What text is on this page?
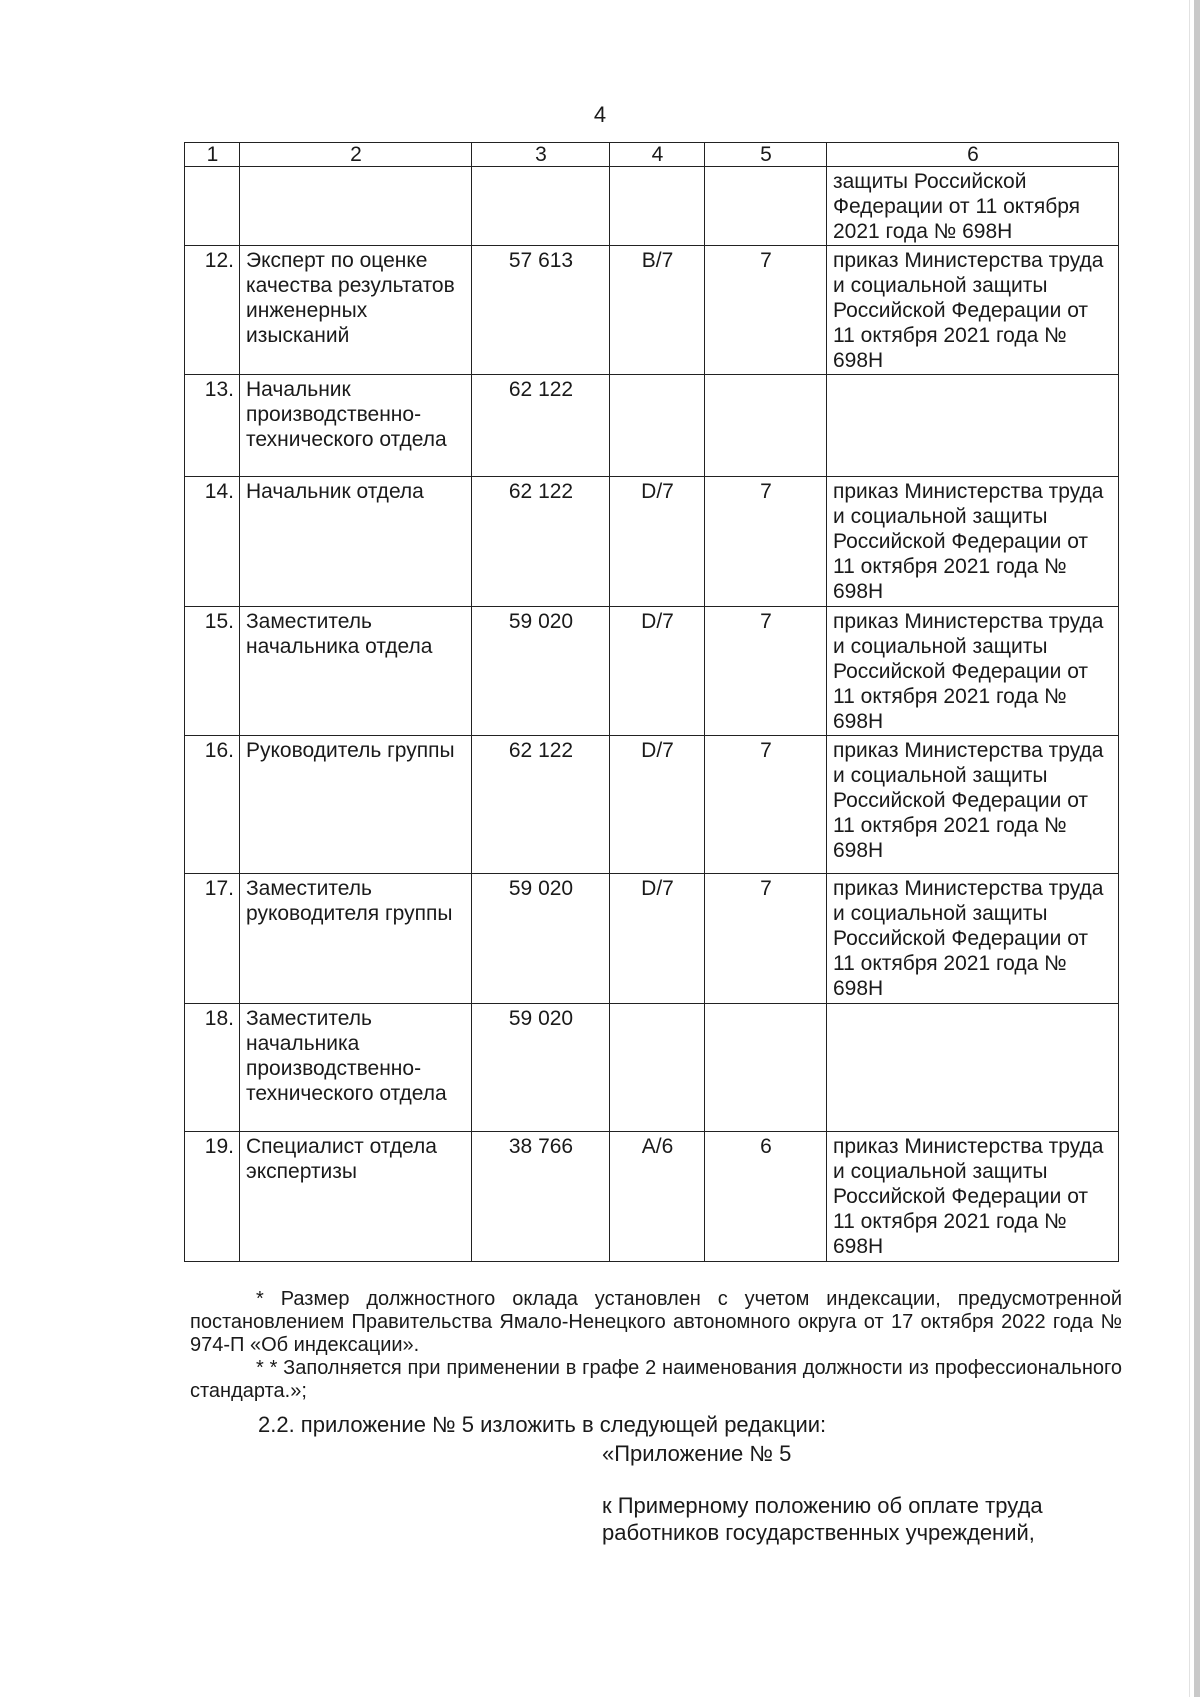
4
1	2	3	4	5	6
					защиты Российской Федерации от 11 октября 2021 года № 698Н
12.	Эксперт по оценке качества результатов инженерных изысканий	57 613	В/7	7	приказ Министерства труда и социальной защиты Российской Федерации от 11 октября 2021 года № 698Н
13.	Начальник производственно-технического отдела	62 122			
14.	Начальник отдела	62 122	D/7	7	приказ Министерства труда и социальной защиты Российской Федерации от 11 октября 2021 года № 698Н
15.	Заместитель начальника отдела	59 020	D/7	7	приказ Министерства труда и социальной защиты Российской Федерации от 11 октября 2021 года № 698Н
16.	Руководитель группы	62 122	D/7	7	приказ Министерства труда и социальной защиты Российской Федерации от 11 октября 2021 года № 698Н
17.	Заместитель руководителя группы	59 020	D/7	7	приказ Министерства труда и социальной защиты Российской Федерации от 11 октября 2021 года № 698Н
18.	Заместитель начальника производственно-технического отдела	59 020			
19.	Специалист отдела экспертизы	38 766	А/6	6	приказ Министерства труда и социальной защиты Российской Федерации от 11 октября 2021 года № 698Н

* Размер должностного оклада установлен с учетом индексации, предусмотренной постановлением Правительства Ямало-Ненецкого автономного округа от 17 октября 2022 года № 974-П «Об индексации».

* * Заполняется при применении в графе 2 наименования должности из профессионального стандарта.»;

2.2. приложение № 5 изложить в следующей редакции:

«Приложение № 5

к Примерному положению об оплате труда

работников государственных учреждений,
